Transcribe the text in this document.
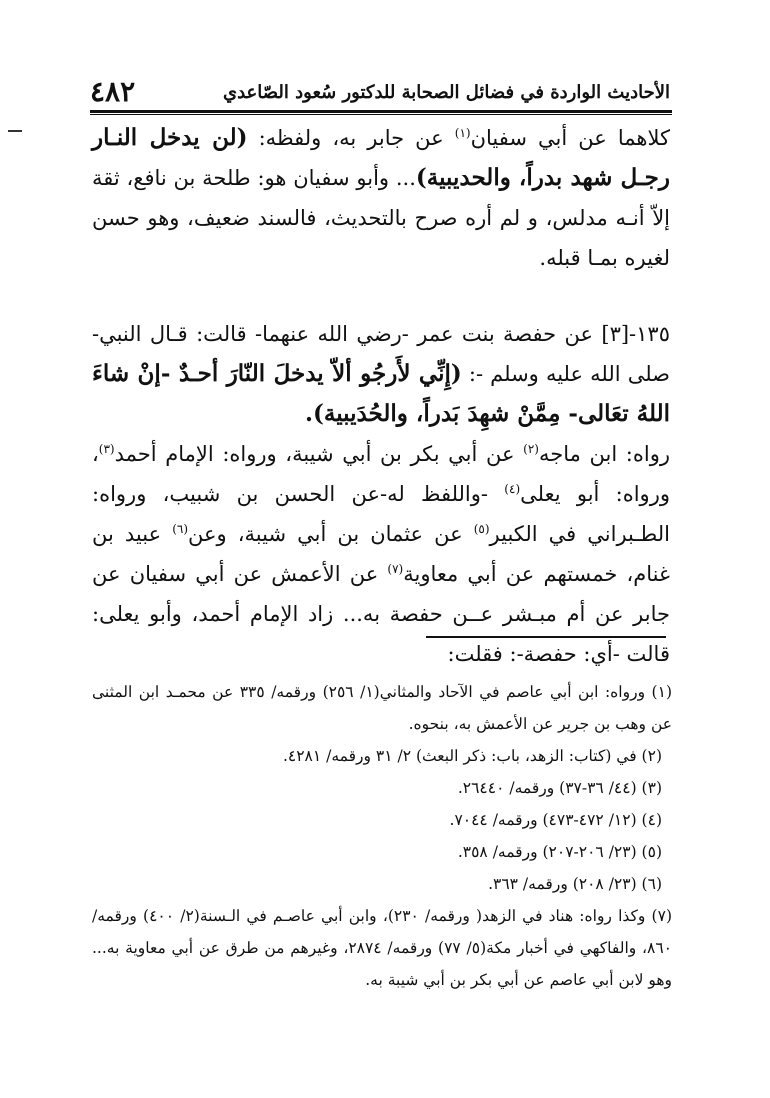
٤٨٢	الأحاديث الواردة في فضائل الصحابة للدكتور سُعود الصّاعدي

كلاهما عن أبي سفيان$^{(١)}$ عن جابر به، ولفظه: (لن يدخل النـار رجـل شهد بدراً، والحديبية)... وأبو سفيان هو: طلحة بن نافع، ثقة إلاّ أنـه مدلس، و لم أره صرح بالتحديث، فالسند ضعيف، وهو حسن لغيره بمـا قبله.

١٣٥-[٣] عن حفصة بنت عمر -رضي الله عنهما- قالت: قـال النبي- صلى الله عليه وسلم -: (إِنِّي لأَرجُو ألاّ يدخلَ النّارَ أحـدٌ -إنْ شاءَ اللهُ تعَالى- مِمَّنْ شهِدَ بَدراً، والحُدَيبية).

رواه: ابن ماجه$^{(٢)}$ عن أبي بكر بن أبي شيبة، ورواه: الإمام أحمد$^{(٣)}$، ورواه: أبو يعلى$^{(٤)}$ -واللفظ له-عن الحسن بن شبيب، ورواه: الطـبراني في الكبير$^{(٥)}$ عن عثمان بن أبي شيبة، وعن$^{(٦)}$ عبيد بن غنام، خمستهم عن أبي معاوية$^{(٧)}$ عن الأعمش عن أبي سفيان عن جابر عن أم مبـشر عــن حفصة به... زاد الإمام أحمد، وأبو يعلى: قالت -أي: حفصة-: فقلت:

(١) ورواه: ابن أبي عاصم في الآحاد والمثاني(١/ ٢٥٦) ورقمه/ ٣٣٥ عن محمـد ابن المثنى عن وهب بن جرير عن الأعمش به، بنحوه.

(٢) في (كتاب: الزهد، باب: ذكر البعث) ٢/ ٣١ ورقمه/ ٤٢٨١.

(٣) (٤٤/ ٣٦-٣٧) ورقمه/ ٢٦٤٤٠.

(٤) (١٢/ ٤٧٢-٤٧٣) ورقمه/ ٧٠٤٤.

(٥) (٢٣/ ٢٠٦-٢٠٧) ورقمه/ ٣٥٨.

(٦) (٢٣/ ٢٠٨) ورقمه/ ٣٦٣.

(٧) وكذا رواه: هناد في الزهد( ورقمه/ ٢٣٠)، وابن أبي عاصـم في الـسنة(٢/ ٤٠٠) ورقمه/ ٨٦٠، والفاكهي في أخبار مكة(٥/ ٧٧) ورقمه/ ٢٨٧٤، وغيرهم من طرق عن أبي معاوية به... وهو لابن أبي عاصم عن أبي بكر بن أبي شيبة به.
